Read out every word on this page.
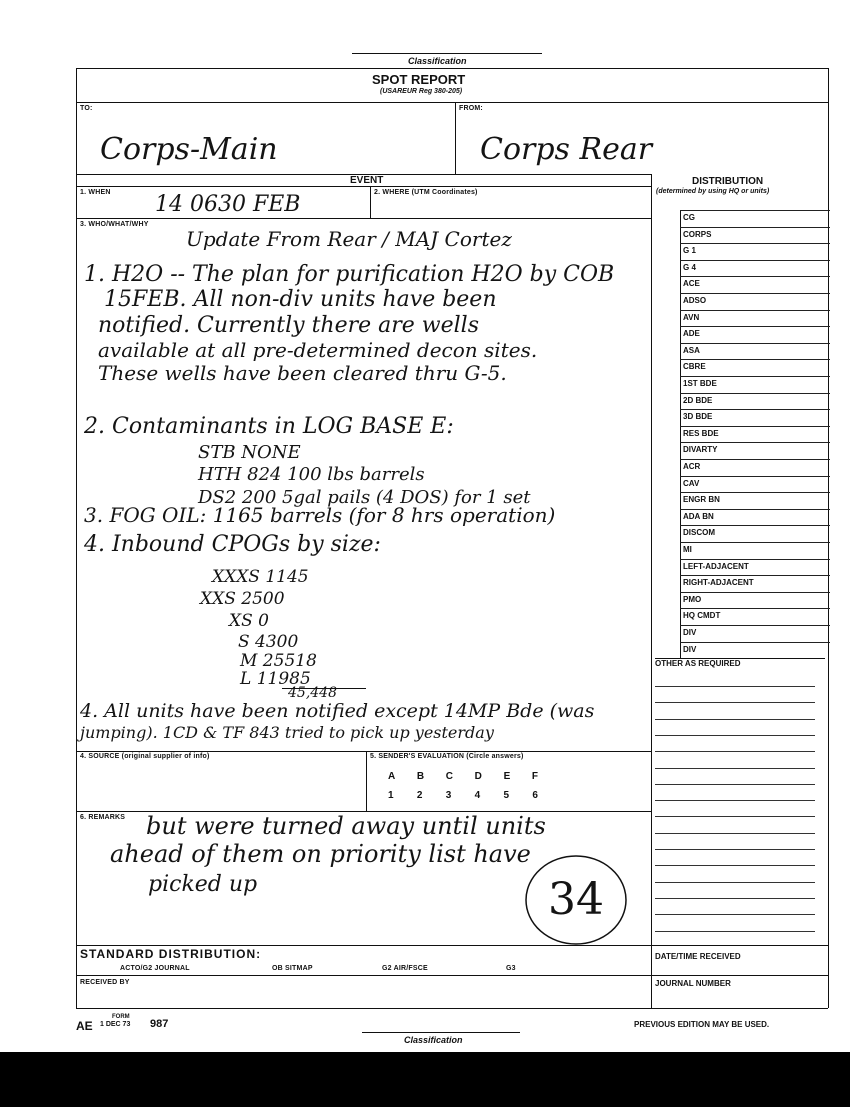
Classification
SPOT REPORT
(USAREUR Reg 380-205)
TO:
Corps-Main
FROM:
Corps Rear
EVENT	DISTRIBUTION
(determined by using HQ or units)
CG
CORPS
G 1
G 4
ACE
ADSO
AVN
ADE
ASA
CBRE
1ST BDE
2D BDE
3D BDE
RES BDE
DIVARTY
ACR
CAV
ENGR BN
ADA BN
DISCOM
MI
LEFT-ADJACENT
RIGHT-ADJACENT
PMO
HQ CMDT
DIV
DIV
OTHER AS REQUIRED
DATE/TIME RECEIVED
JOURNAL NUMBER
1. WHEN 14 0630 FEB	2. WHERE (UTM Coordinates)
3. WHO/WHAT/WHY
Update From Rear / MAJ Cortez
1. H2O -- The plan for purification H2O by COB
15FEB. All non-div units have been
notified. Currently there are wells
available at all pre-determined decon sites.
These wells have been cleared thru G-5.
2. Contaminants in LOG BASE E:
STB NONE
HTH 824 100 lbs barrels
DS2 200 5gal pails (4 DOS) for 1 set
3. FOG OIL: 1165 barrels (for 8 hrs operation)
4. Inbound CPOGs by size:
XXXS 1145
XXS 2500
XS 0
S 4300
M 25518
L 11985
45,448
4. All units have been notified except 14MP Bde (was
jumping). 1CD & TF 843 tried to pick up yesterday
4. SOURCE (original supplier of info)	5. SENDER'S EVALUATION (Circle answers)
A B C D E F
1 2 3 4 5 6
6. REMARKS but were turned away until units
ahead of them on priority list have
picked up	34
STANDARD DISTRIBUTION:
ACTO/G2 JOURNAL	OB SITMAP	G2 AIR/FSCE	G3
RECEIVED BY
AE
FORM
1 DEC 73 987	PREVIOUS EDITION MAY BE USED.
Classification
